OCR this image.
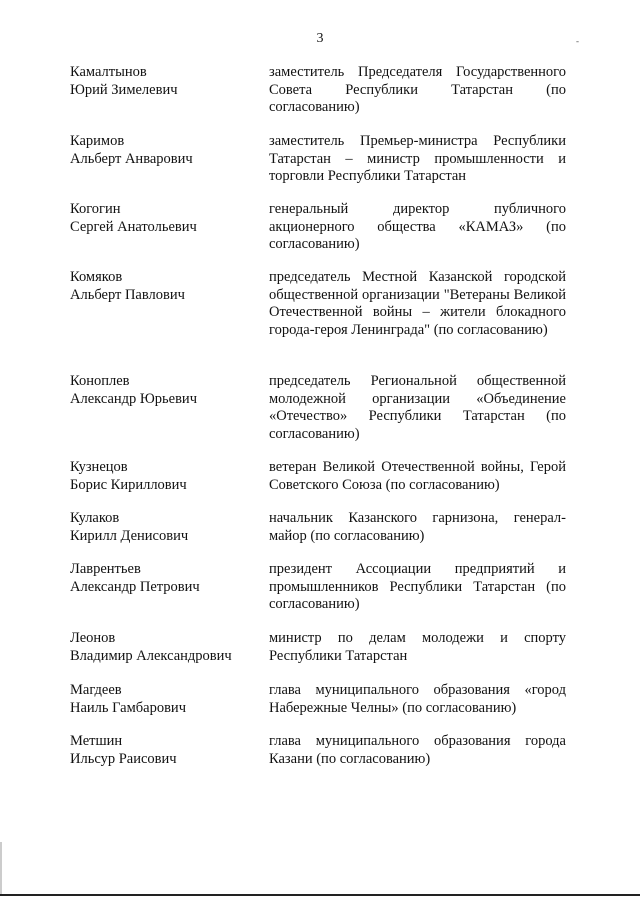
3	-
Камалтынов
Юрий Зимелевич
заместитель Председателя Государственного Совета Республики Татарстан (по согласованию)
Каримов
Альберт Анварович
заместитель Премьер-министра Республики Татарстан – министр промышленности и торговли Республики Татарстан
Когогин
Сергей Анатольевич
генеральный директор публичного акционерного общества «КАМАЗ» (по согласованию)
Комяков
Альберт Павлович
председатель Местной Казанской городской общественной организации "Ветераны Великой Отечественной войны – жители блокадного города-героя Ленинграда" (по согласованию)
Коноплев
Александр Юрьевич
председатель Региональной общественной молодежной организации «Объединение «Отечество» Республики Татарстан (по согласованию)
Кузнецов
Борис Кириллович
ветеран Великой Отечественной войны, Герой Советского Союза (по согласованию)
Кулаков
Кирилл Денисович
начальник Казанского гарнизона, генерал-майор (по согласованию)
Лаврентьев
Александр Петрович
президент Ассоциации предприятий и промышленников Республики Татарстан (по согласованию)
Леонов
Владимир Александрович
министр по делам молодежи и спорту Республики Татарстан
Магдеев
Наиль Гамбарович
глава муниципального образования «город Набережные Челны» (по согласованию)
Метшин
Ильсур Раисович
глава муниципального образования города Казани (по согласованию)
